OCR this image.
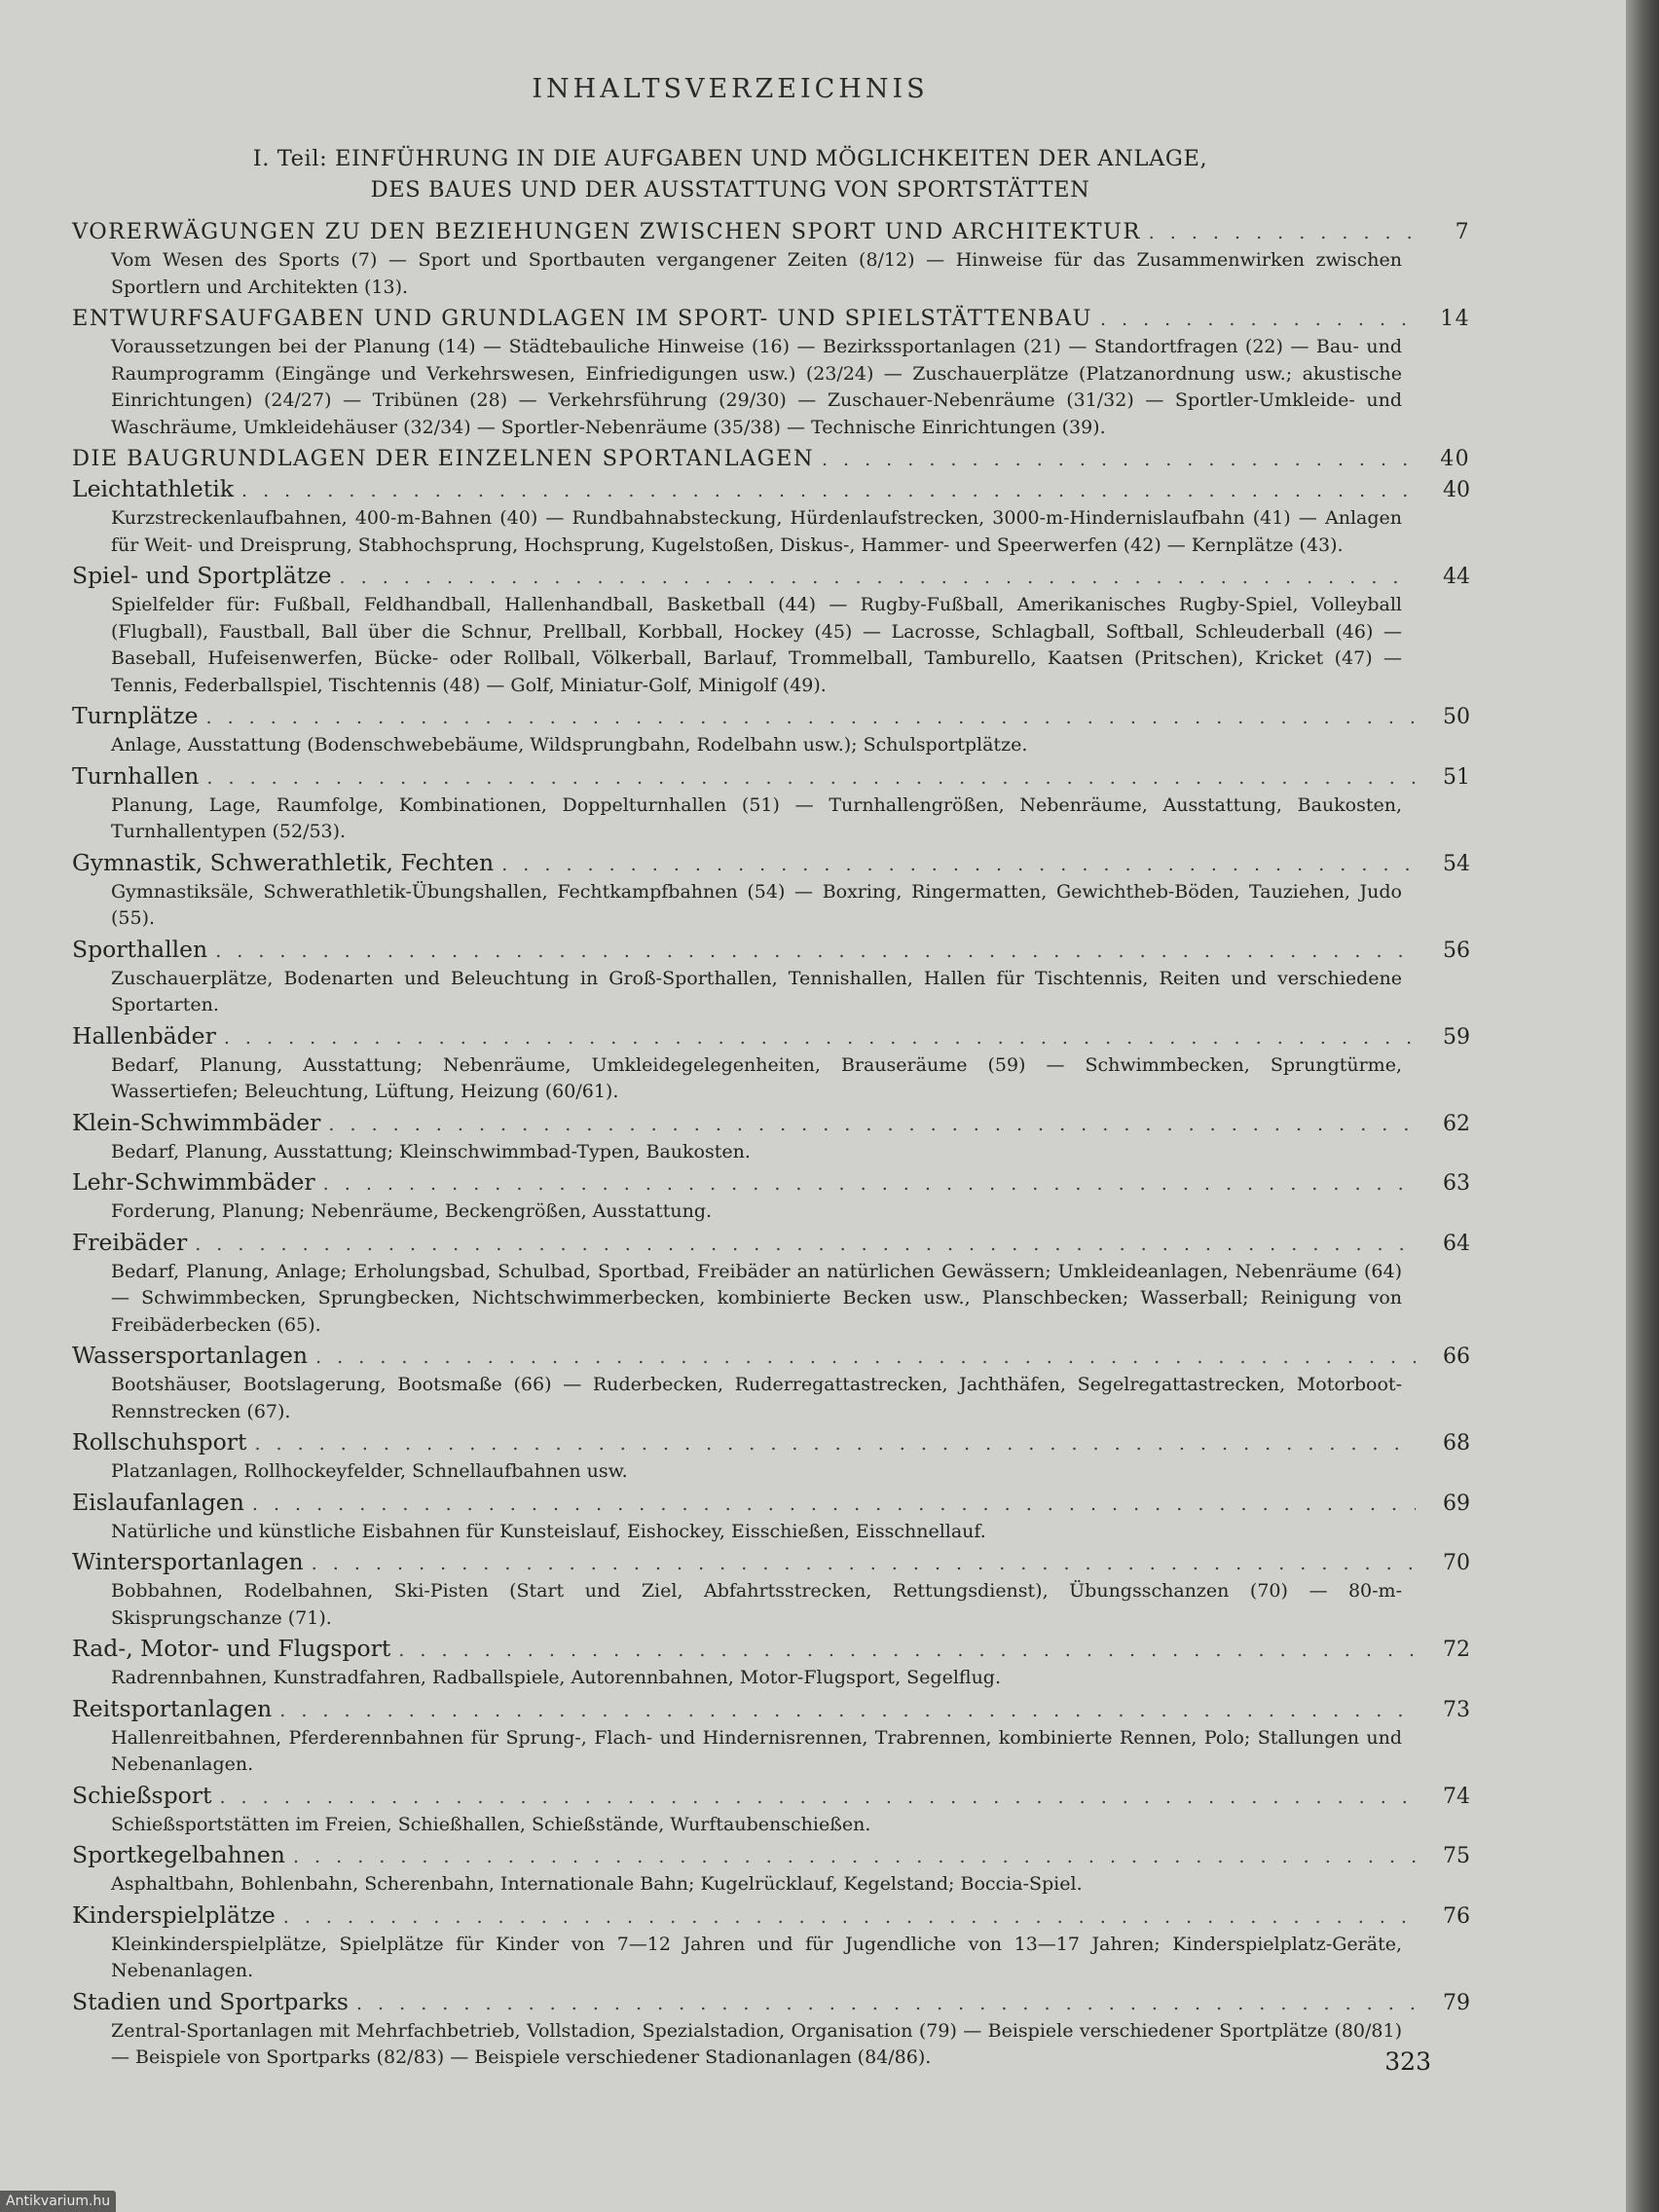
INHALTSVERZEICHNIS
I. Teil: EINFÜHRUNG IN DIE AUFGABEN UND MÖGLICHKEITEN DER ANLAGE,
DES BAUES UND DER AUSSTATTUNG VON SPORTSTÄTTEN
VORERWÄGUNGEN ZU DEN BEZIEHUNGEN ZWISCHEN SPORT UND ARCHITEKTUR . . .	7
Vom Wesen des Sports (7) — Sport und Sportbauten vergangener Zeiten (8/12) — Hinweise für das Zusammenwirken zwischen Sportlern und Architekten (13).
ENTWURFSAUFGABEN UND GRUNDLAGEN IM SPORT- UND SPIELSTÄTTENBAU . . .	14
Voraussetzungen bei der Planung (14) — Städtebauliche Hinweise (16) — Bezirkssportanlagen (21) — Standortfragen (22) — Bau- und Raumprogramm (Eingänge und Verkehrswesen, Einfriedigungen usw.) (23/24) — Zuschauerplätze (Platzanordnung usw.; akustische Einrichtungen) (24/27) — Tribünen (28) — Verkehrsführung (29/30) — Zuschauer-Nebenräume (31/32) — Sportler-Umkleide- und Waschräume, Umkleidehäuser (32/34) — Sportler-Nebenräume (35/38) — Technische Einrichtungen (39).
DIE BAUGRUNDLAGEN DER EINZELNEN SPORTANLAGEN . . .	40
Leichtathletik . . .	40
Kurzstreckenlaufbahnen, 400-m-Bahnen (40) — Rundbahnabsteckung, Hürdenlaufstrecken, 3000-m-Hindernislaufbahn (41) — Anlagen für Weit- und Dreisprung, Stabhochsprung, Hochsprung, Kugelstoßen, Diskus-, Hammer- und Speerwerfen (42) — Kernplätze (43).
Spiel- und Sportplätze . . .	44
Spielfelder für: Fußball, Feldhandball, Hallenhandball, Basketball (44) — Rugby-Fußball, Amerikanisches Rugby-Spiel, Volleyball (Flugball), Faustball, Ball über die Schnur, Prellball, Korbball, Hockey (45) — Lacrosse, Schlagball, Softball, Schleuderball (46) — Baseball, Hufeisenwerfen, Bücke- oder Rollball, Völkerball, Barlauf, Trommelball, Tamburello, Kaatsen (Pritschen), Kricket (47) — Tennis, Federballspiel, Tischtennis (48) — Golf, Miniatur-Golf, Minigolf (49).
Turnplätze . . .	50
Anlage, Ausstattung (Bodenschwebebäume, Wildsprungbahn, Rodelbahn usw.); Schulsportplätze.
Turnhallen . . .	51
Planung, Lage, Raumfolge, Kombinationen, Doppelturnhallen (51) — Turnhallengrößen, Nebenräume, Ausstattung, Baukosten, Turnhallentypen (52/53).
Gymnastik, Schwerathletik, Fechten . . .	54
Gymnastiksäle, Schwerathletik-Übungshallen, Fechtkampfbahnen (54) — Boxring, Ringermatten, Gewichtheb-Böden, Tauziehen, Judo (55).
Sporthallen . . .	56
Zuschauerplätze, Bodenarten und Beleuchtung in Groß-Sporthallen, Tennishallen, Hallen für Tischtennis, Reiten und verschiedene Sportarten.
Hallenbäder . . .	59
Bedarf, Planung, Ausstattung; Nebenräume, Umkleidegelegenheiten, Brauseräume (59) — Schwimmbecken, Sprungtürme, Wassertiefen; Beleuchtung, Lüftung, Heizung (60/61).
Klein-Schwimmbäder . . .	62
Bedarf, Planung, Ausstattung; Kleinschwimmbad-Typen, Baukosten.
Lehr-Schwimmbäder . . .	63
Forderung, Planung; Nebenräume, Beckengrößen, Ausstattung.
Freibäder . . .	64
Bedarf, Planung, Anlage; Erholungsbad, Schulbad, Sportbad, Freibäder an natürlichen Gewässern; Umkleideanlagen, Nebenräume (64) — Schwimmbecken, Sprungbecken, Nichtschwimmerbecken, kombinierte Becken usw., Planschbecken; Wasserball; Reinigung von Freibäderbecken (65).
Wassersportanlagen . . .	66
Bootshäuser, Bootslagerung, Bootsmaße (66) — Ruderbecken, Ruderregattastrecken, Jachthäfen, Segelregattastrecken, Motorboot-Rennstrecken (67).
Rollschuhsport . . .	68
Platzanlagen, Rollhockeyfelder, Schnellaufbahnen usw.
Eislaufanlagen . . .	69
Natürliche und künstliche Eisbahnen für Kunsteislauf, Eishockey, Eisschießen, Eisschnellauf.
Wintersportanlagen . . .	70
Bobbahnen, Rodelbahnen, Ski-Pisten (Start und Ziel, Abfahrtsstrecken, Rettungsdienst), Übungsschanzen (70) — 80-m-Skisprungschanze (71).
Rad-, Motor- und Flugsport . . .	72
Radrennbahnen, Kunstradfahren, Radballspiele, Autorennbahnen, Motor-Flugsport, Segelflug.
Reitsportanlagen . . .	73
Hallenreitbahnen, Pferderennbahnen für Sprung-, Flach- und Hindernisrennen, Trabrennen, kombinierte Rennen, Polo; Stallungen und Nebenanlagen.
Schießsport . . .	74
Schießsportstätten im Freien, Schießhallen, Schießstände, Wurftaubenschießen.
Sportkegelbahnen . . .	75
Asphaltbahn, Bohlenbahn, Scherenbahn, Internationale Bahn; Kugelrücklauf, Kegelstand; Boccia-Spiel.
Kinderspielplätze . . .	76
Kleinkinderspielplätze, Spielplätze für Kinder von 7—12 Jahren und für Jugendliche von 13—17 Jahren; Kinderspielplatz-Geräte, Nebenanlagen.
Stadien und Sportparks . . .	79
Zentral-Sportanlagen mit Mehrfachbetrieb, Vollstadion, Spezialstadion, Organisation (79) — Beispiele verschiedener Sportplätze (80/81) — Beispiele von Sportparks (82/83) — Beispiele verschiedener Stadionanlagen (84/86).	323
Antikvarium.hu
